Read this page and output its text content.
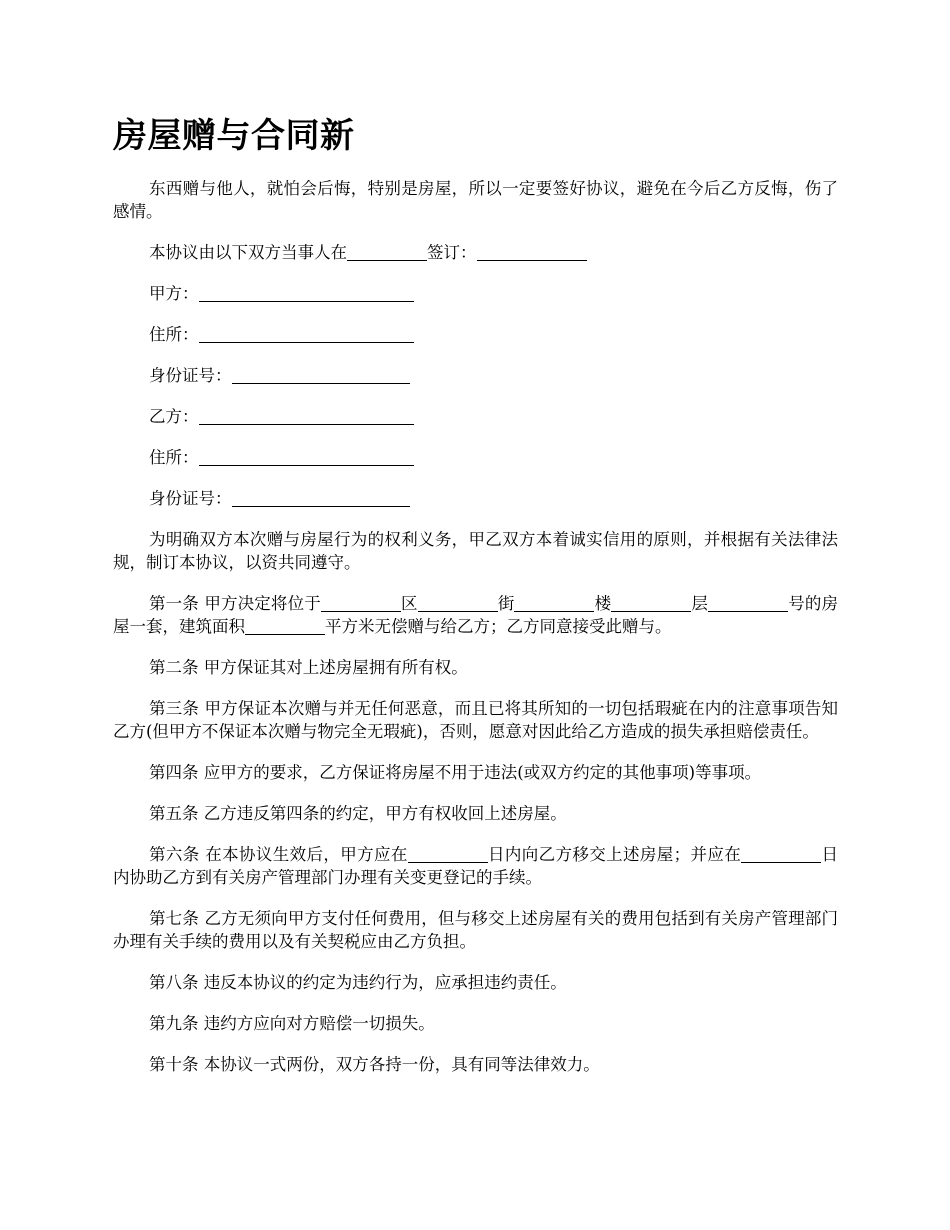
房屋赠与合同新

东西赠与他人，就怕会后悔，特别是房屋，所以一定要签好协议，避免在今后乙方反悔，伤了感情。

本协议由以下双方当事人在	签订：

甲方：

住所：

身份证号：

乙方：

住所：

身份证号：

为明确双方本次赠与房屋行为的权利义务，甲乙双方本着诚实信用的原则，并根据有关法律法规，制订本协议，以资共同遵守。

第一条 甲方决定将位于	区	街	楼	层	号的房屋一套，建筑面积	平方米无偿赠与给乙方；乙方同意接受此赠与。

第二条 甲方保证其对上述房屋拥有所有权。

第三条 甲方保证本次赠与并无任何恶意，而且已将其所知的一切包括瑕疵在内的注意事项告知乙方(但甲方不保证本次赠与物完全无瑕疵)，否则，愿意对因此给乙方造成的损失承担赔偿责任。

第四条 应甲方的要求，乙方保证将房屋不用于违法(或双方约定的其他事项)等事项。

第五条 乙方违反第四条的约定，甲方有权收回上述房屋。

第六条 在本协议生效后，甲方应在	日内向乙方移交上述房屋；并应在	日内协助乙方到有关房产管理部门办理有关变更登记的手续。

第七条 乙方无须向甲方支付任何费用，但与移交上述房屋有关的费用包括到有关房产管理部门办理有关手续的费用以及有关契税应由乙方负担。

第八条 违反本协议的约定为违约行为，应承担违约责任。

第九条 违约方应向对方赔偿一切损失。

第十条 本协议一式两份，双方各持一份，具有同等法律效力。
